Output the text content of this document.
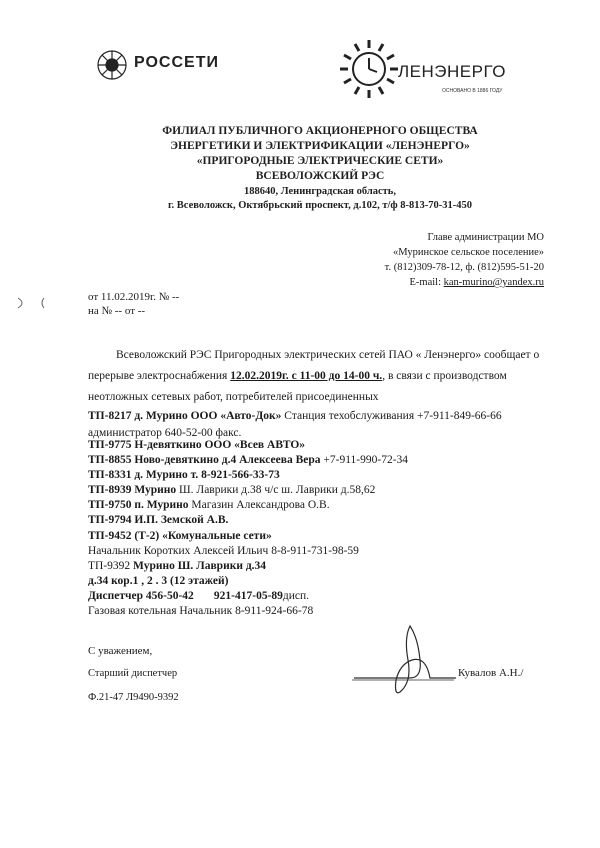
РОССЕТИ	ЛЕНЭНЕРГО
ОСНОВАНО В 1886 ГОДУ
ФИЛИАЛ ПУБЛИЧНОГО АКЦИОНЕРНОГО ОБЩЕСТВА
ЭНЕРГЕТИКИ И ЭЛЕКТРИФИКАЦИИ «ЛЕНЭНЕРГО»
«ПРИГОРОДНЫЕ ЭЛЕКТРИЧЕСКИЕ СЕТИ»
ВСЕВОЛОЖСКИЙ РЭС
188640, Ленинградская область,
г. Всеволожск, Октябрьский проспект, д.102, т/ф 8-813-70-31-450
Главе администрации МО
«Муринское сельское поселение»
т. (812)309-78-12, ф. (812)595-51-20
E-mail: kan-murino@yandex.ru
от 11.02.2019г. № --
на № -- от --
Всеволожский РЭС Пригородных электрических сетей ПАО « Ленэнерго» сообщает о
перерыве электроснабжения 12.02.2019г. с 11-00 до 14-00 ч., в связи с производством
неотложных сетевых работ, потребителей присоединенных
ТП-8217 д. Мурино ООО «Авто-Док» Станция техобслуживания +7-911-849-66-66
администратор 640-52-00 факс.
ТП-9775 Н-девяткино ООО «Всев АВТО»
ТП-8855 Ново-девяткино д.4 Алексеева Вера +7-911-990-72-34
ТП-8331 д. Мурино т. 8-921-566-33-73
ТП-8939 Мурино Ш. Лаврики д.38 ч/с ш. Лаврики д.58,62
ТП-9750 п. Мурино Магазин Александрова О.В.
ТП-9794 И.П. Земской А.В.
ТП-9452 (Т-2) «Комунальные сети»
Начальник Коротких Алексей Ильич 8-8-911-731-98-59
ТП-9392 Мурино Ш. Лаврики д.34
д.34 кор.1 , 2 . 3 (12 этажей)
Диспетчер 456-50-42       921-417-05-89дисп.
Газовая котельная Начальник 8-911-924-66-78
С уважением,
Старший диспетчер	Кувалов А.Н./
Ф.21-47 Л9490-9392
